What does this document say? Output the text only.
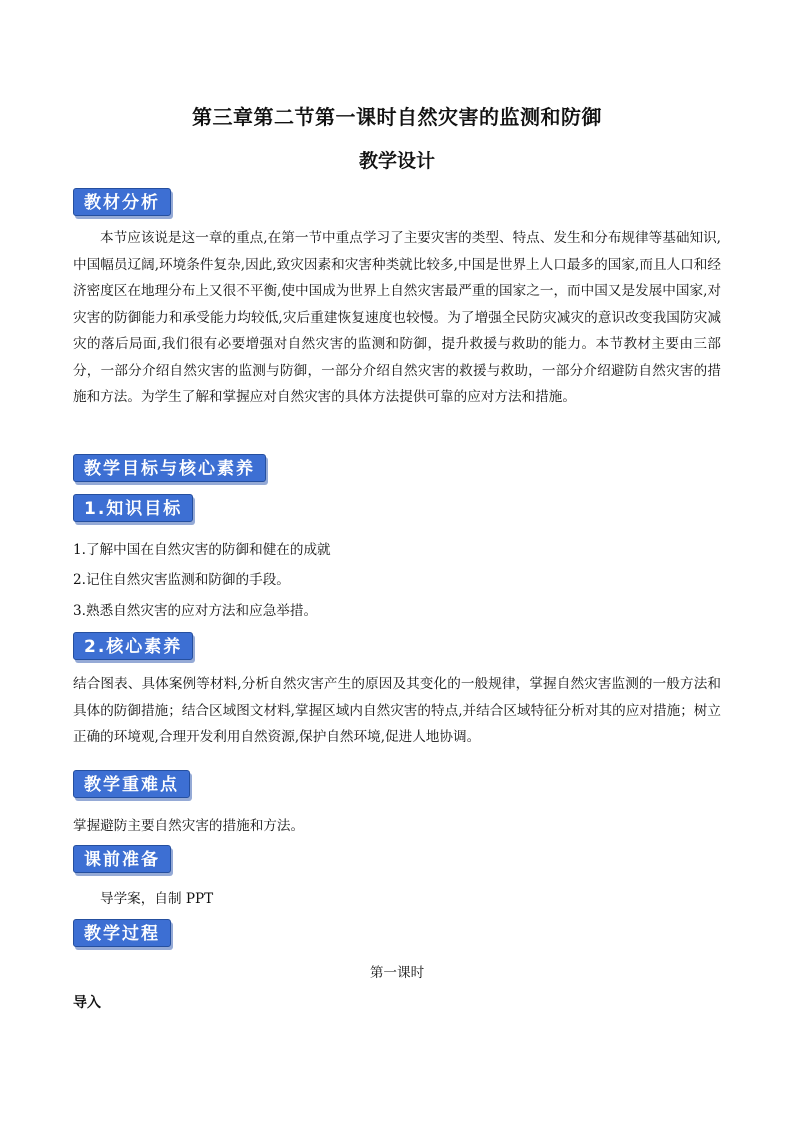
第三章第二节第一课时自然灾害的监测和防御
教学设计
教材分析
本节应该说是这一章的重点,在第一节中重点学习了主要灾害的类型、特点、发生和分布规律等基础知识,中国幅员辽阔,环境条件复杂,因此,致灾因素和灾害种类就比较多,中国是世界上人口最多的国家,而且人口和经济密度区在地理分布上又很不平衡,使中国成为世界上自然灾害最严重的国家之一，而中国又是发展中国家,对灾害的防御能力和承受能力均较低,灾后重建恢复速度也较慢。为了增强全民防灾减灾的意识改变我国防灾减灾的落后局面,我们很有必要增强对自然灾害的监测和防御，提升救援与救助的能力。本节教材主要由三部分，一部分介绍自然灾害的监测与防御，一部分介绍自然灾害的救援与救助，一部分介绍避防自然灾害的措施和方法。为学生了解和掌握应对自然灾害的具体方法提供可靠的应对方法和措施。
教学目标与核心素养
1.知识目标
1.了解中国在自然灾害的防御和健在的成就
2.记住自然灾害监测和防御的手段。
3.熟悉自然灾害的应对方法和应急举措。
2.核心素养
结合图表、具体案例等材料,分析自然灾害产生的原因及其变化的一般规律，掌握自然灾害监测的一般方法和具体的防御措施；结合区域图文材料,掌握区域内自然灾害的特点,并结合区域特征分析对其的应对措施；树立正确的环境观,合理开发利用自然资源,保护自然环境,促进人地协调。
教学重难点
掌握避防主要自然灾害的措施和方法。
课前准备
导学案，自制 PPT
教学过程
第一课时
导入
